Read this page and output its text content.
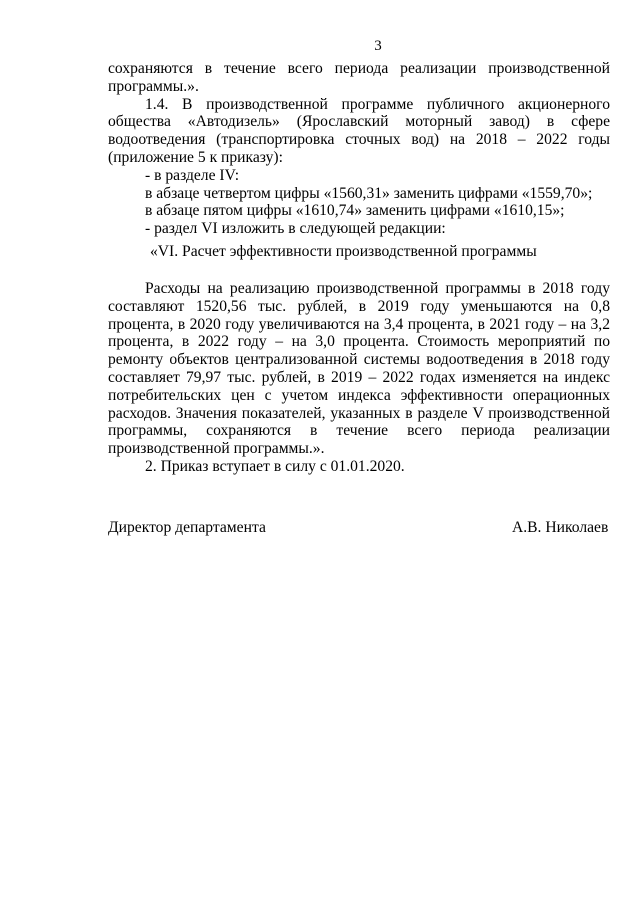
3

сохраняются в течение всего периода реализации производственной программы.».

1.4. В производственной программе публичного акционерного общества «Автодизель» (Ярославский моторный завод) в сфере водоотведения (транспортировка сточных вод) на 2018 – 2022 годы (приложение 5 к приказу):

- в разделе IV:

в абзаце четвертом цифры «1560,31» заменить цифрами «1559,70»;

в абзаце пятом цифры «1610,74» заменить цифрами «1610,15»;

- раздел VI изложить в следующей редакции:

«VI. Расчет эффективности производственной программы

Расходы на реализацию производственной программы в 2018 году составляют 1520,56 тыс. рублей, в 2019 году уменьшаются на 0,8 процента, в 2020 году увеличиваются на 3,4 процента, в 2021 году – на 3,2 процента, в 2022 году – на 3,0 процента. Стоимость мероприятий по ремонту объектов централизованной системы водоотведения в 2018 году составляет 79,97 тыс. рублей, в 2019 – 2022 годах изменяется на индекс потребительских цен с учетом индекса эффективности операционных расходов. Значения показателей, указанных в разделе V производственной программы, сохраняются в течение всего периода реализации производственной программы.».

2. Приказ вступает в силу с 01.01.2020.

Директор департамента	А.В. Николаев
